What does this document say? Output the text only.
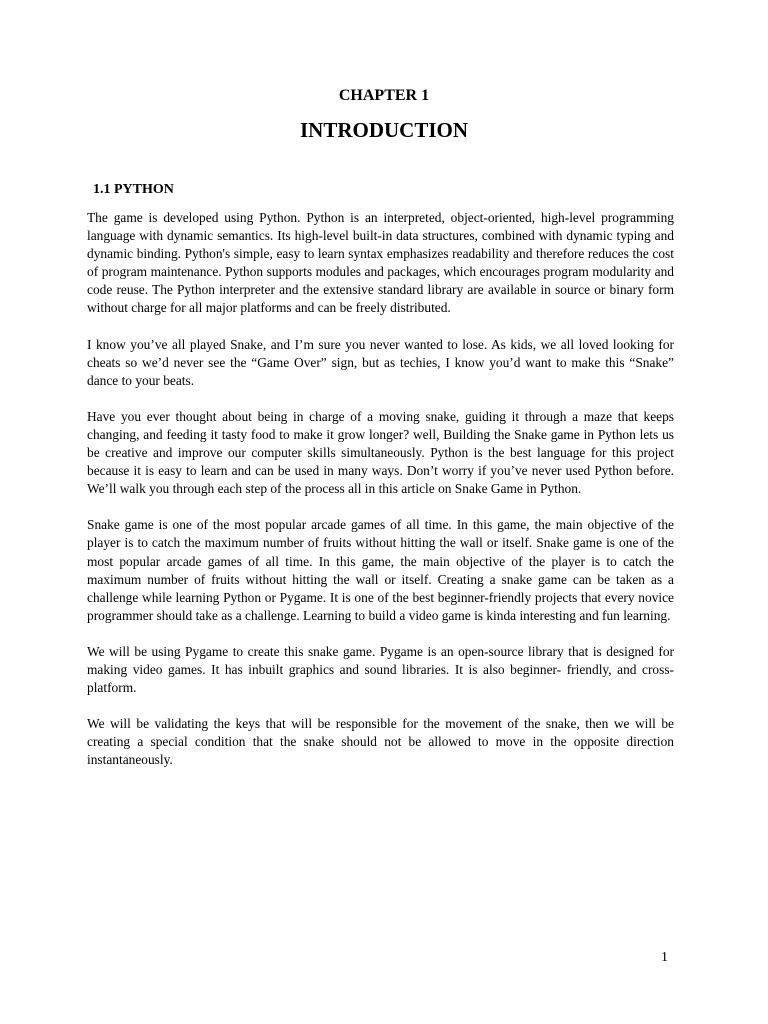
CHAPTER 1
INTRODUCTION
1.1 PYTHON

The game is developed using Python. Python is an interpreted, object-oriented, high-level programming language with dynamic semantics. Its high-level built-in data structures, combined with dynamic typing and dynamic binding. Python's simple, easy to learn syntax emphasizes readability and therefore reduces the cost of program maintenance. Python supports modules and packages, which encourages program modularity and code reuse. The Python interpreter and the extensive standard library are available in source or binary form without charge for all major platforms and can be freely distributed.

I know you’ve all played Snake, and I’m sure you never wanted to lose. As kids, we all loved looking for cheats so we’d never see the “Game Over” sign, but as techies, I know you’d want to make this “Snake” dance to your beats.

Have you ever thought about being in charge of a moving snake, guiding it through a maze that keeps changing, and feeding it tasty food to make it grow longer? well, Building the Snake game in Python lets us be creative and improve our computer skills simultaneously. Python is the best language for this project because it is easy to learn and can be used in many ways. Don’t worry if you’ve never used Python before. We’ll walk you through each step of the process all in this article on Snake Game in Python.

Snake game is one of the most popular arcade games of all time. In this game, the main objective of the player is to catch the maximum number of fruits without hitting the wall or itself. Snake game is one of the most popular arcade games of all time. In this game, the main objective of the player is to catch the maximum number of fruits without hitting the wall or itself. Creating a snake game can be taken as a challenge while learning Python or Pygame. It is one of the best beginner-friendly projects that every novice programmer should take as a challenge. Learning to build a video game is kinda interesting and fun learning.

We will be using Pygame to create this snake game. Pygame is an open-source library that is designed for making video games. It has inbuilt graphics and sound libraries. It is also beginner- friendly, and cross-platform.

We will be validating the keys that will be responsible for the movement of the snake, then we will be creating a special condition that the snake should not be allowed to move in the opposite direction instantaneously.

1
